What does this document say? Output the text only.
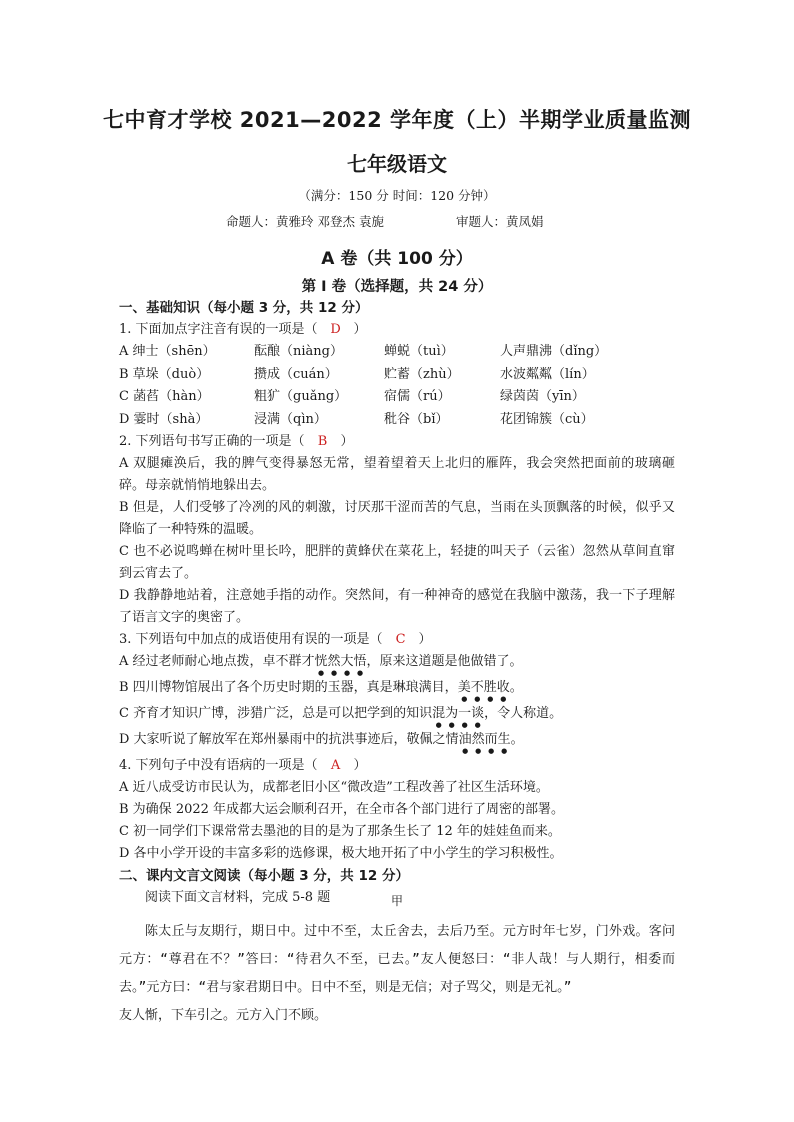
七中育才学校 2021—2022 学年度（上）半期学业质量监测
七年级语文
（满分：150 分 时间：120 分钟）
命题人：黄雅玲 邓登杰 袁旎	审题人：黄凤娟
A 卷（共 100 分）
第 I 卷（选择题，共 24 分）
一、基础知识（每小题 3 分，共 12 分）

1. 下面加点字注音有误的一项是（ D ）

A 绅士（shēn）	酝酿（niàng）	蝉蜕（tuì）	人声鼎沸（dǐng）
B 草垛（duò）	攒成（cuán）	贮蓄（zhù）	水波粼粼（lín）
C 菡萏（hàn）	粗犷（guǎng）	宿儒（rú）	绿茵茵（yīn）
D 霎时（shà）	浸满（qìn）	秕谷（bǐ）	花团锦簇（cù）

2. 下列语句书写正确的一项是（ B ）

A 双腿瘫涣后，我的脾气变得暴怒无常，望着望着天上北归的雁阵，我会突然把面前的玻璃砸碎。母亲就悄悄地躲出去。

B 但是，人们受够了冷冽的风的刺激，讨厌那干涩而苦的气息，当雨在头顶飘落的时候，似乎又降临了一种特殊的温暖。

C 也不必说鸣蝉在树叶里长吟，肥胖的黄蜂伏在菜花上，轻捷的叫天子（云雀）忽然从草间直窜到云宵去了。

D 我静静地站着，注意她手指的动作。突然间，有一种神奇的感觉在我脑中激荡，我一下子理解了语言文字的奥密了。

3. 下列语句中加点的成语使用有误的一项是（ C ）

A 经过老师耐心地点拨，卓不群才恍然大悟，原来这道题是他做错了。

B 四川博物馆展出了各个历史时期的玉器，真是琳琅满目，美不胜收。

C 齐育才知识广博，涉猎广泛，总是可以把学到的知识混为一谈，令人称道。

D 大家听说了解放军在郑州暴雨中的抗洪事迹后，敬佩之情油然而生。

4. 下列句子中没有语病的一项是（ A ）

A 近八成受访市民认为，成都老旧小区“微改造”工程改善了社区生活环境。

B 为确保 2022 年成都大运会顺利召开，在全市各个部门进行了周密的部署。

C 初一同学们下课常常去墨池的目的是为了那条生长了 12 年的娃娃鱼而来。

D 各中小学开设的丰富多彩的选修课，极大地开拓了中小学生的学习积极性。

二、课内文言文阅读（每小题 3 分，共 12 分）

阅读下面文言材料，完成 5-8 题	甲

陈太丘与友期行，期日中。过中不至，太丘舍去，去后乃至。元方时年七岁，门外戏。客问元方：“尊君在不？”答曰：“待君久不至，已去。”友人便怒曰：“非人哉！与人期行，相委而去。”元方曰：“君与家君期日中。日中不至，则是无信；对子骂父，则是无礼。”

友人惭，下车引之。元方入门不顾。
